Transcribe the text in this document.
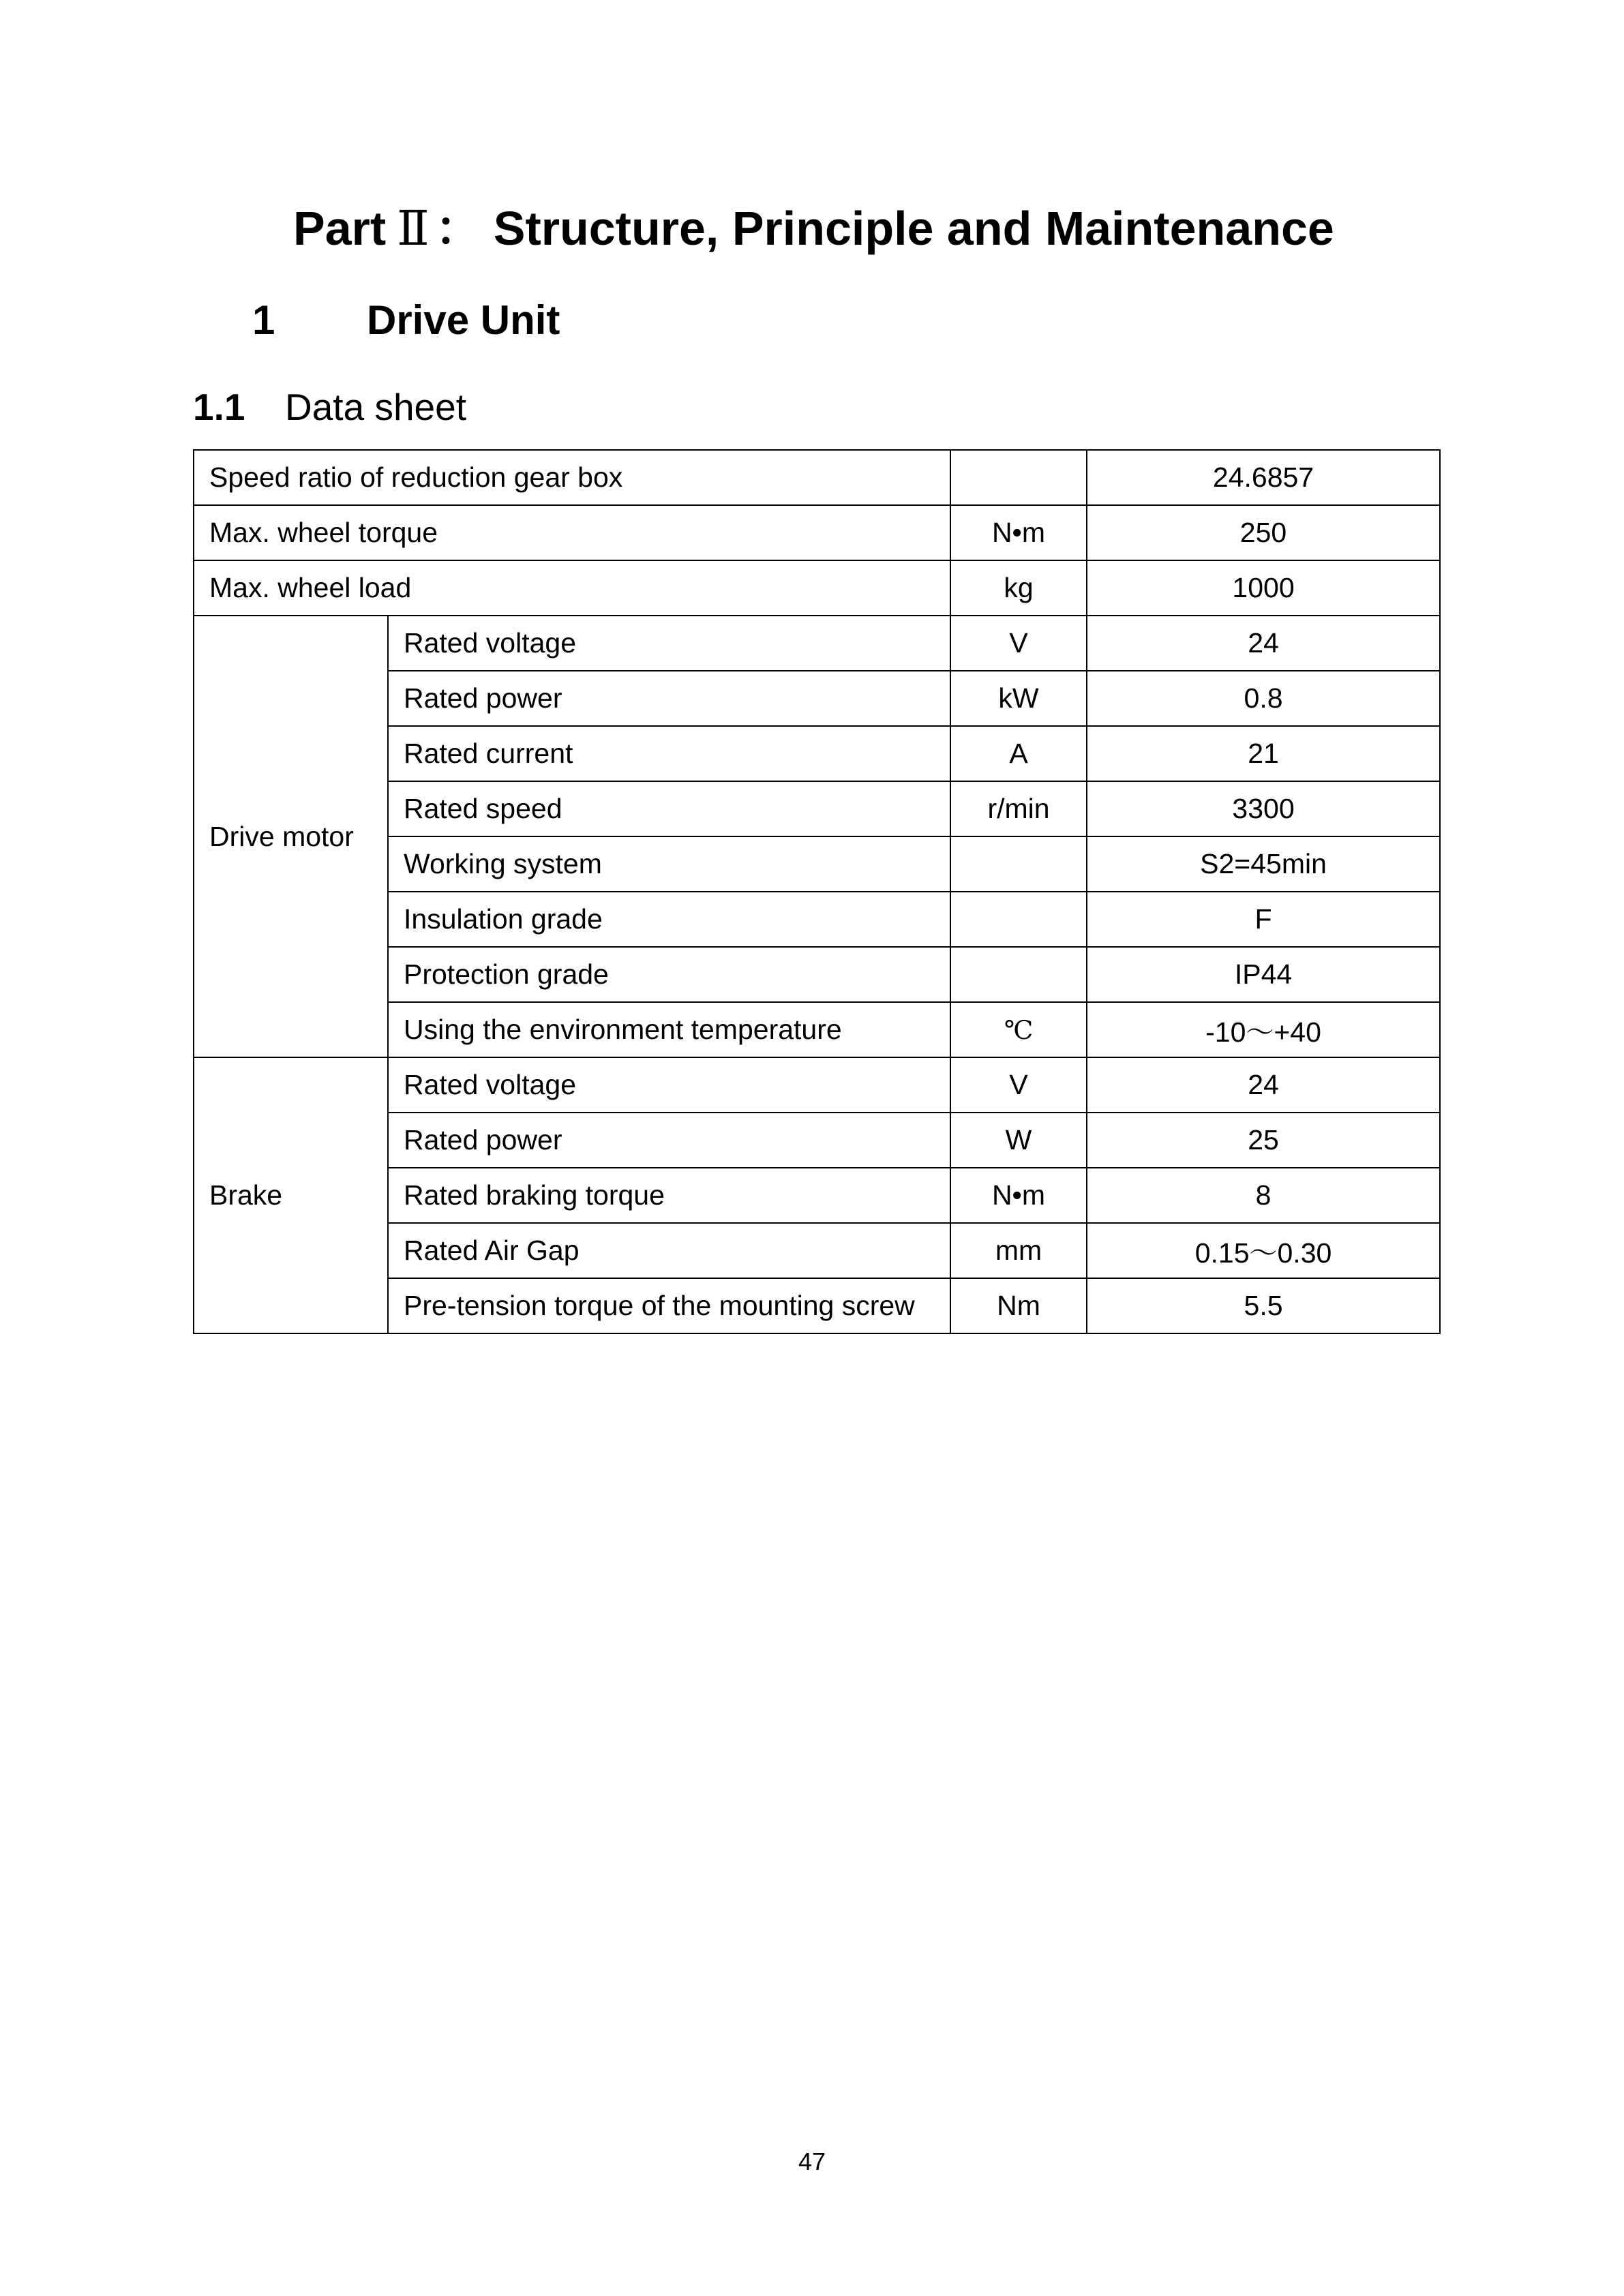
Part Ⅱ ： Structure, Principle and Maintenance
1 Drive Unit
1.1 Data sheet
Speed ratio of reduction gear box			24.6857
Max. wheel torque		N•m	250
Max. wheel load		kg	1000
Drive motor	Rated voltage	V	24
	Rated power	kW	0.8
	Rated current	A	21
	Rated speed	r/min	3300
	Working system		S2=45min
	Insulation grade		F
	Protection grade		IP44
	Using the environment temperature	℃	-10～+40
Brake	Rated voltage	V	24
	Rated power	W	25
	Rated braking torque	N•m	8
	Rated Air Gap	mm	0.15～0.30
	Pre-tension torque of the mounting screw	Nm	5.5
47
